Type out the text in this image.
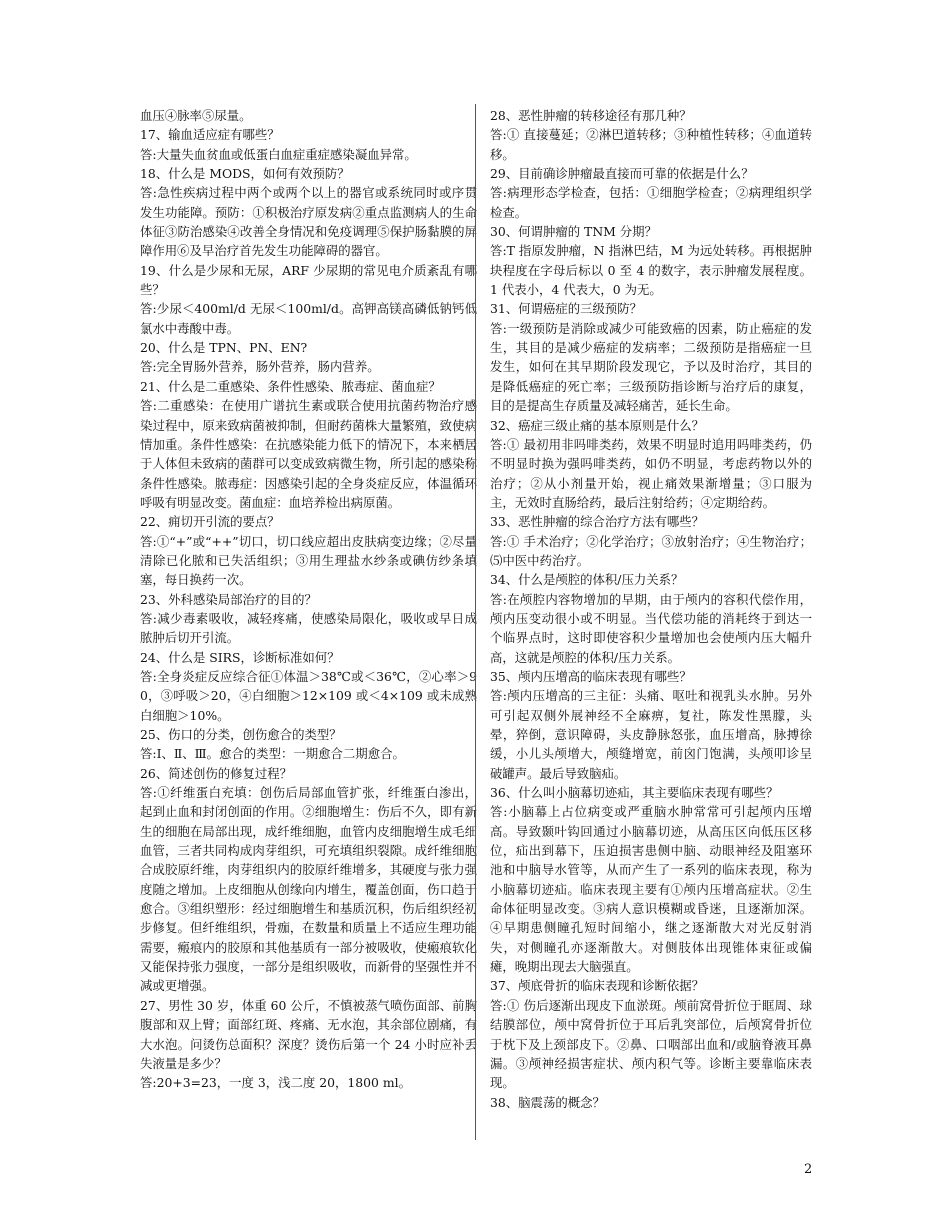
血压④脉率⑤尿量。

17、输血适应症有哪些？

答:大量失血贫血或低蛋白血症重症感染凝血异常。

18、什么是 MODS，如何有效预防？

答:急性疾病过程中两个或两个以上的器官或系统同时或序贯发生功能障。预防：①积极治疗原发病②重点监测病人的生命体征③防治感染④改善全身情况和免疫调理⑤保护肠黏膜的屏障作用⑥及早治疗首先发生功能障碍的器官。

19、什么是少尿和无尿，ARF 少尿期的常见电介质紊乱有哪些？

答:少尿＜400ml/d 无尿＜100ml/d。高钾高镁高磷低钠钙低氯水中毒酸中毒。

20、什么是 TPN、PN、EN?

答:完全胃肠外营养，肠外营养，肠内营养。

21、什么是二重感染、条件性感染、脓毒症、菌血症？

答:二重感染：在使用广谱抗生素或联合使用抗菌药物治疗感染过程中，原来致病菌被抑制，但耐药菌株大量繁殖，致使病情加重。条件性感染：在抗感染能力低下的情况下，本来栖居于人体但未致病的菌群可以变成致病微生物，所引起的感染称条件性感染。脓毒症：因感染引起的全身炎症反应，体温循环呼吸有明显改变。菌血症：血培养检出病原菌。

22、痈切开引流的要点？

答:①“+”或“++”切口，切口线应超出皮肤病变边缘；②尽量清除已化脓和已失活组织；③用生理盐水纱条或碘仿纱条填塞，每日换药一次。

23、外科感染局部治疗的目的？

答:减少毒素吸收，减轻疼痛，使感染局限化，吸收或早日成脓肿后切开引流。

24、什么是 SIRS，诊断标准如何？

答:全身炎症反应综合征①体温＞38℃或＜36℃，②心率＞90，③呼吸＞20，④白细胞＞12×109 或＜4×109 或未成熟白细胞＞10%。

25、伤口的分类，创伤愈合的类型？

答:Ⅰ、Ⅱ、Ⅲ。愈合的类型：一期愈合二期愈合。

26、简述创伤的修复过程？

答:①纤维蛋白充填：创伤后局部血管扩张，纤维蛋白渗出，起到止血和封闭创面的作用。②细胞增生：伤后不久，即有新生的细胞在局部出现，成纤维细胞，血管内皮细胞增生成毛细血管，三者共同构成肉芽组织，可充填组织裂隙。成纤维细胞合成胶原纤维，肉芽组织内的胶原纤维增多，其硬度与张力强度随之增加。上皮细胞从创缘向内增生，覆盖创面，伤口趋于愈合。③组织塑形：经过细胞增生和基质沉积，伤后组织经初步修复。但纤维组织，骨痂，在数量和质量上不适应生理功能需要，瘢痕内的胶原和其他基质有一部分被吸收，使瘢痕软化又能保持张力强度，一部分是组织吸收，而新骨的坚强性并不减或更增强。

27、男性 30 岁，体重 60 公斤，不慎被蒸气喷伤面部、前胸腹部和双上臂；面部红斑、疼痛、无水泡，其余部位剧痛，有大水泡。问烫伤总面积？深度？烫伤后第一个 24 小时应补丢失液量是多少？

答:20+3=23，一度 3，浅二度 20，1800 ml。

28、恶性肿瘤的转移途径有那几种？

答:① 直接蔓延；②淋巴道转移；③种植性转移；④血道转移。

29、目前确诊肿瘤最直接而可靠的依据是什么？

答:病理形态学检查，包括：①细胞学检查；②病理组织学检查。

30、何谓肿瘤的 TNM 分期？

答:T 指原发肿瘤，N 指淋巴结，M 为远处转移。再根据肿块程度在字母后标以 0 至 4 的数字，表示肿瘤发展程度。1 代表小，4 代表大，0 为无。

31、何谓癌症的三级预防？

答:一级预防是消除或减少可能致癌的因素，防止癌症的发生，其目的是减少癌症的发病率；二级预防是指癌症一旦发生，如何在其早期阶段发现它，予以及时治疗，其目的是降低癌症的死亡率；三级预防指诊断与治疗后的康复，目的是提高生存质量及减轻痛苦，延长生命。

32、癌症三级止痛的基本原则是什么？

答:① 最初用非吗啡类药，效果不明显时追用吗啡类药，仍不明显时换为强吗啡类药，如仍不明显，考虑药物以外的治疗；②从小剂量开始，视止痛效果渐增量；③口服为主，无效时直肠给药，最后注射给药；④定期给药。

33、恶性肿瘤的综合治疗方法有哪些？

答:① 手术治疗；②化学治疗；③放射治疗；④生物治疗；⑸中医中药治疗。

34、什么是颅腔的体积/压力关系？

答:在颅腔内容物增加的早期，由于颅内的容积代偿作用，颅内压变动很小或不明显。当代偿功能的消耗终于到达一个临界点时，这时即使容积少量增加也会使颅内压大幅升高，这就是颅腔的体积/压力关系。

35、颅内压增高的临床表现有哪些？

答:颅内压增高的三主征：头痛、呕吐和视乳头水肿。另外可引起双侧外展神经不全麻痹，复社，陈发性黑朦，头晕，猝倒，意识障碍，头皮静脉怒张，血压增高，脉搏徐缓，小儿头颅增大，颅缝增宽，前囟门饱满，头颅叩诊呈破罐声。最后导致脑疝。

36、什么叫小脑幕切迹疝，其主要临床表现有哪些？

答:小脑幕上占位病变或严重脑水肿常常可引起颅内压增高。导致颞叶钩回通过小脑幕切迹，从高压区向低压区移位，疝出到幕下，压迫损害患侧中脑、动眼神经及阻塞环池和中脑导水管等，从而产生了一系列的临床表现，称为小脑幕切迹疝。临床表现主要有①颅内压增高症状。②生命体征明显改变。③病人意识模糊或昏迷，且逐渐加深。④早期患侧瞳孔短时间缩小，继之逐渐散大对光反射消失，对侧瞳孔亦逐渐散大。对侧肢体出现锥体束征或偏瘫，晚期出现去大脑强直。

37、颅底骨折的临床表现和诊断依据？

答:① 伤后逐渐出现皮下血淤斑。颅前窝骨折位于眶周、球结膜部位，颅中窝骨折位于耳后乳突部位，后颅窝骨折位于枕下及上颈部皮下。②鼻、口咽部出血和/或脑脊液耳鼻漏。③颅神经损害症状、颅内积气等。诊断主要靠临床表现。

38、脑震荡的概念？

2
